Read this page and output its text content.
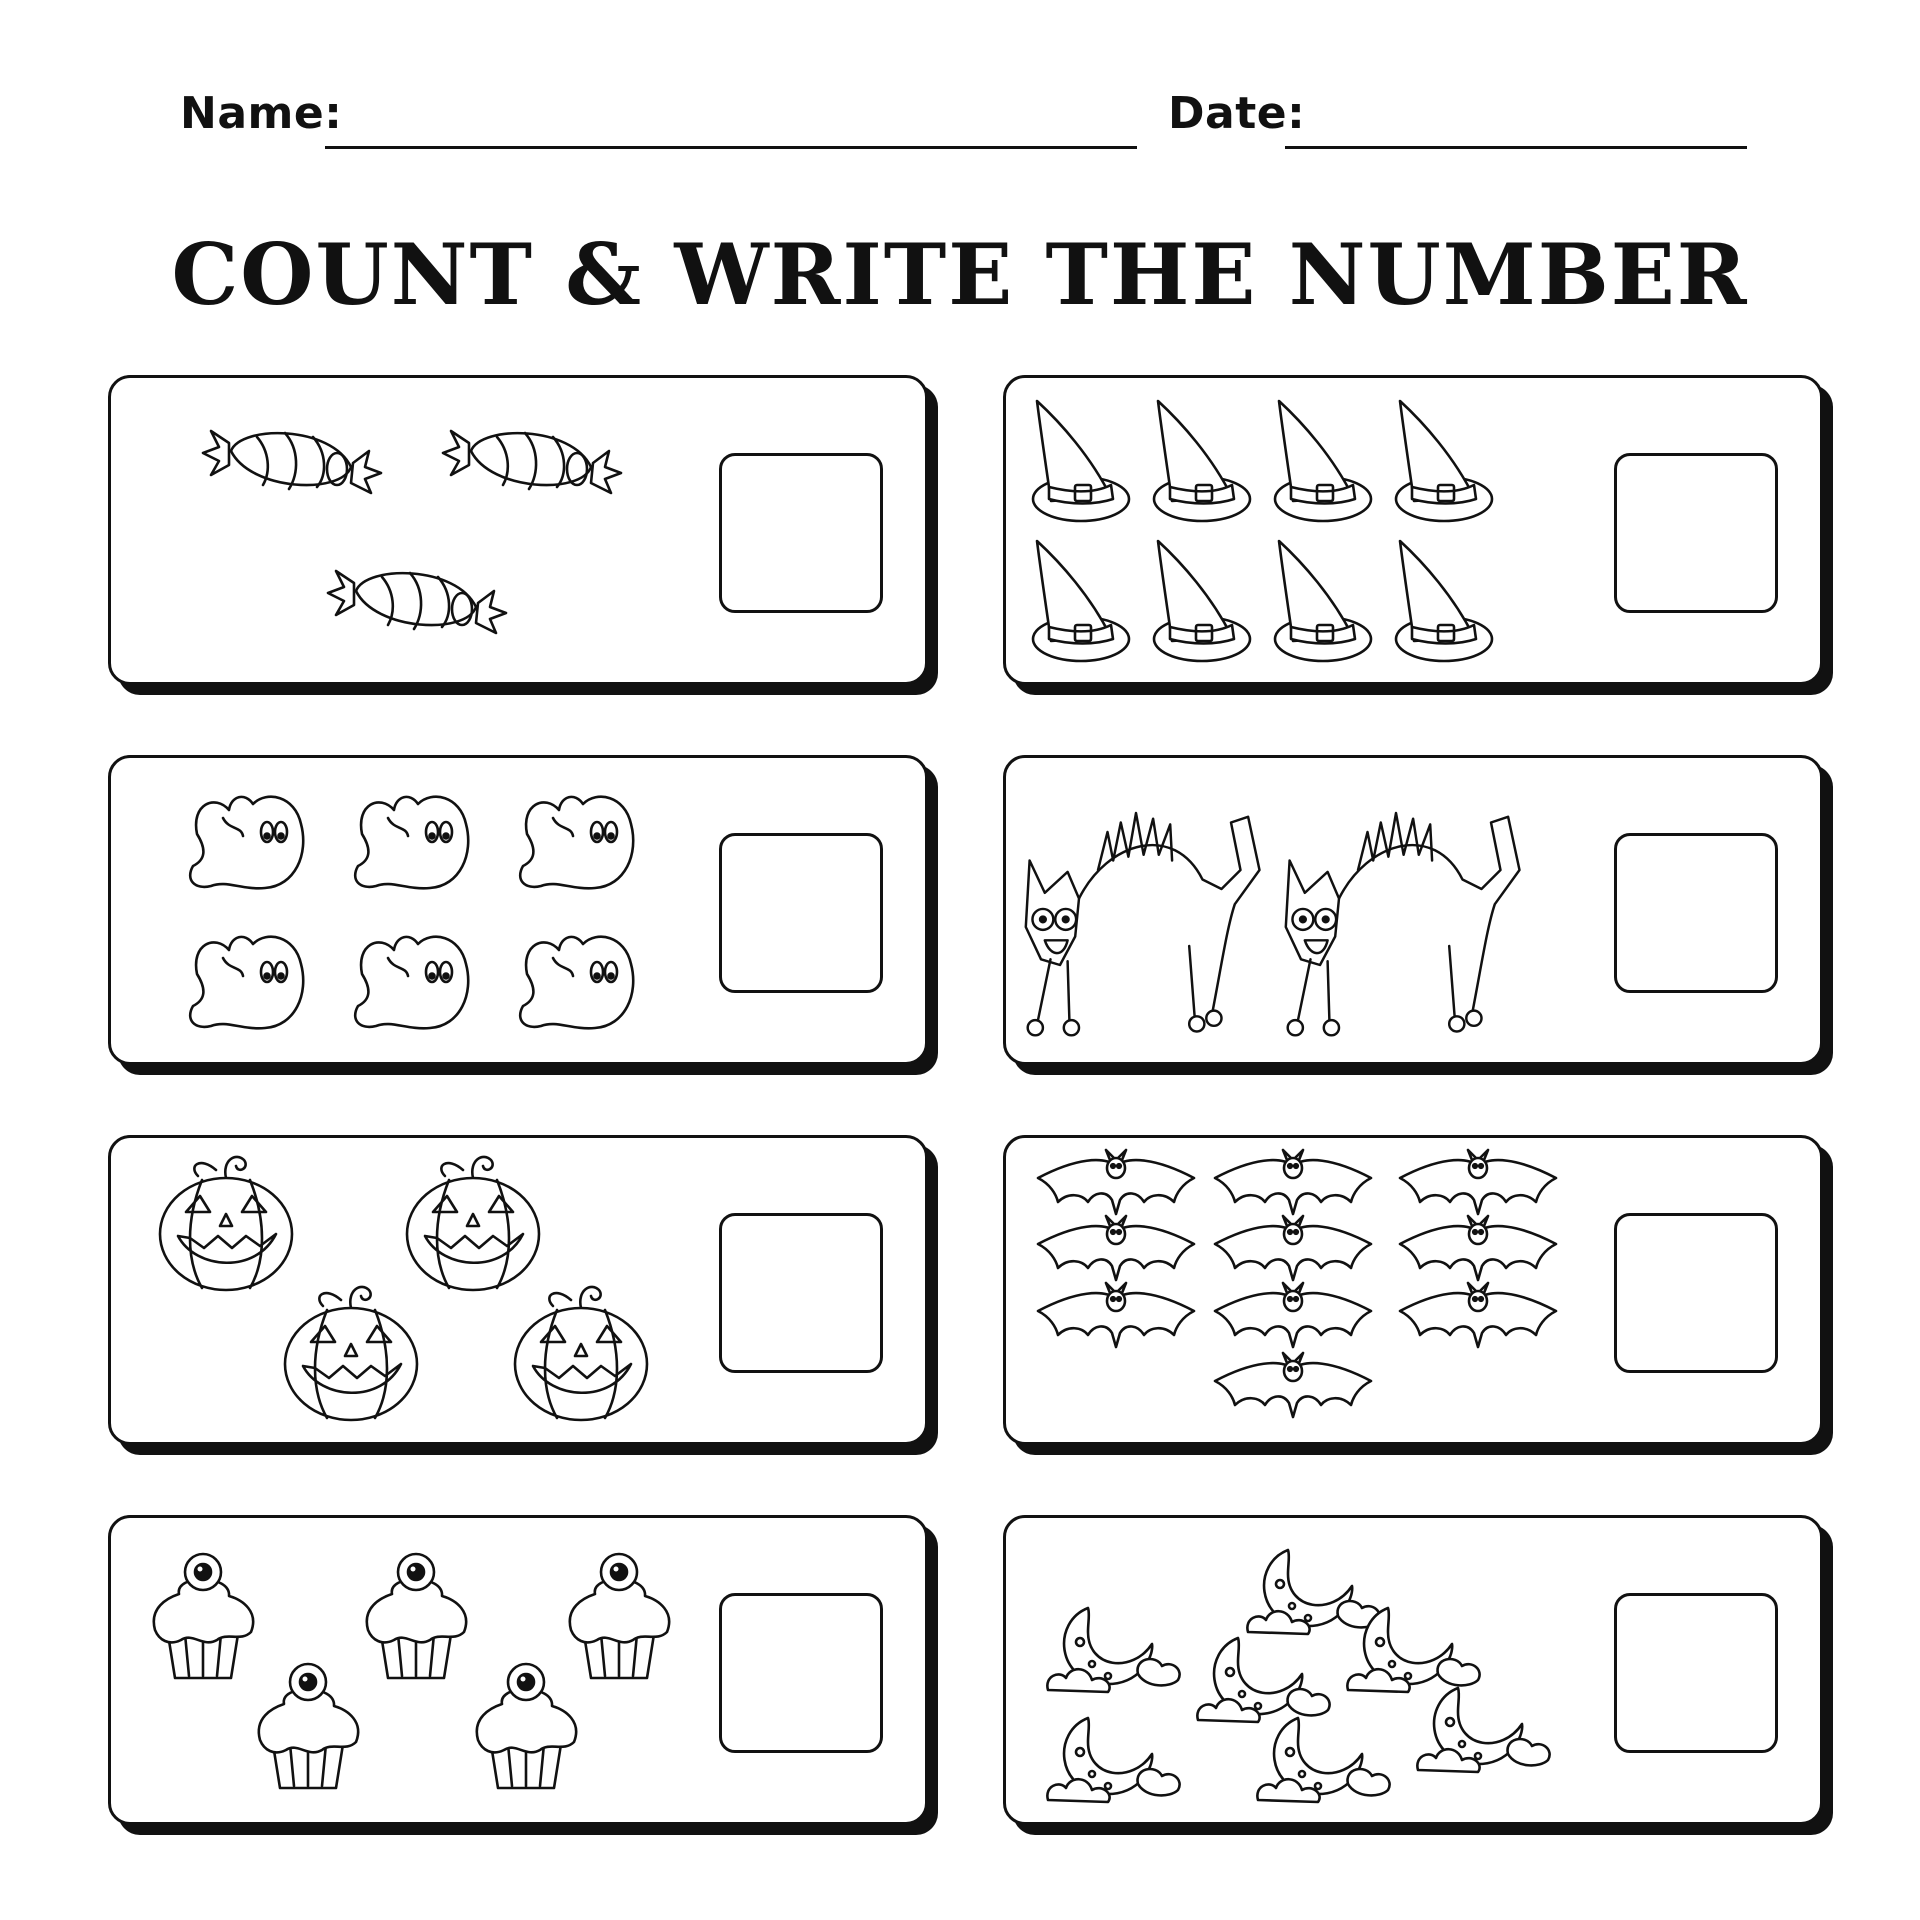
Name:	Date:
COUNT & WRITE THE NUMBER
